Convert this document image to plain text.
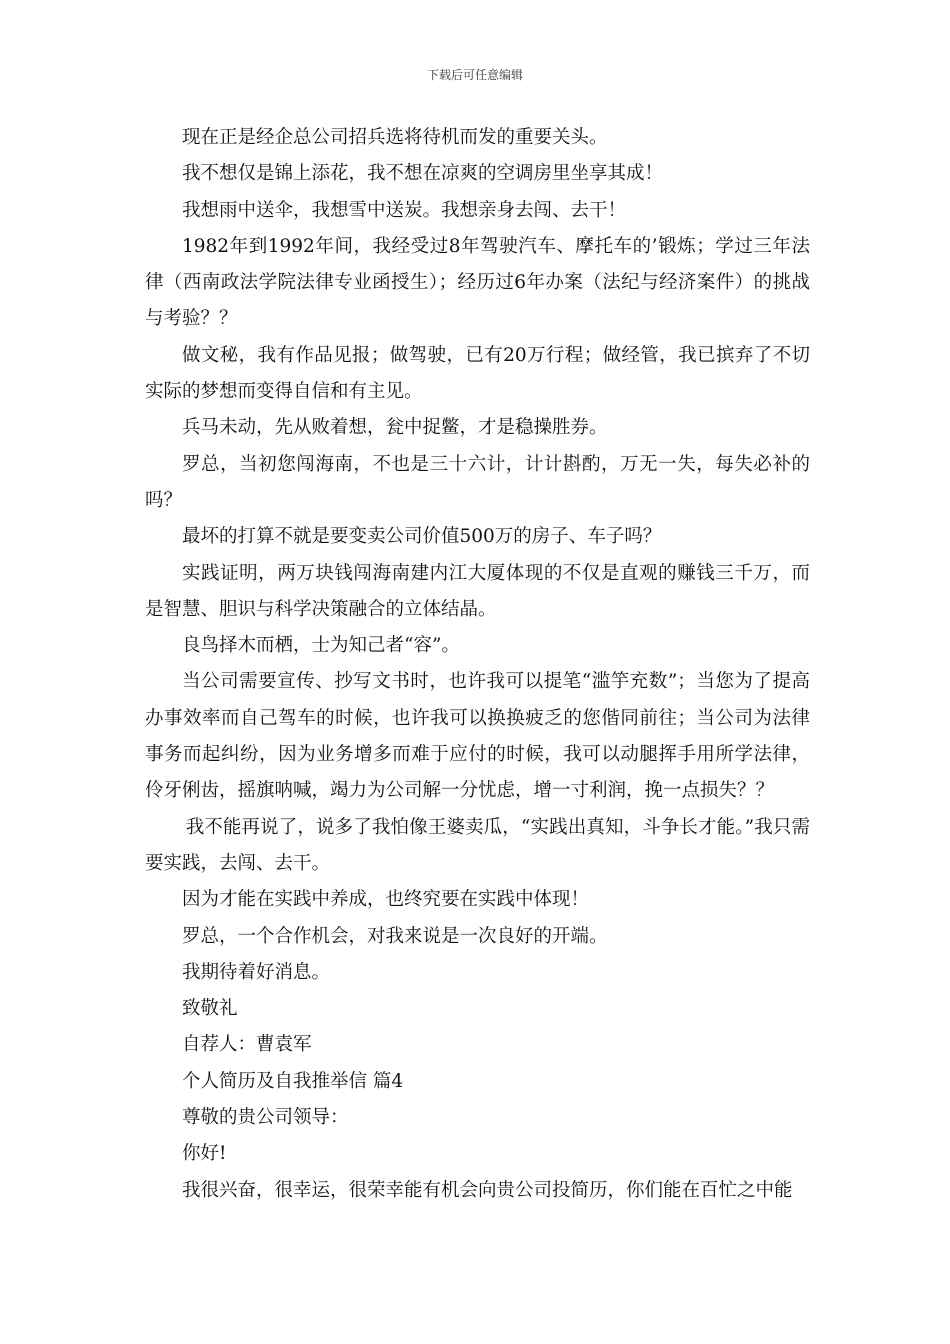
下载后可任意编辑

现在正是经企总公司招兵选将待机而发的重要关头。

我不想仅是锦上添花，我不想在凉爽的空调房里坐享其成！

我想雨中送伞，我想雪中送炭。我想亲身去闯、去干！

1982年到1992年间，我经受过8年驾驶汽车、摩托车的’锻炼；学过三年法律（西南政法学院法律专业函授生）；经历过6年办案（法纪与经济案件）的挑战与考验？？

做文秘，我有作品见报；做驾驶，已有20万行程；做经管，我已摈弃了不切实际的梦想而变得自信和有主见。

兵马未动，先从败着想，瓮中捉鳖，才是稳操胜券。

罗总，当初您闯海南，不也是三十六计，计计斟酌，万无一失，每失必补的吗？

最坏的打算不就是要变卖公司价值500万的房子、车子吗？

实践证明，两万块钱闯海南建内江大厦体现的不仅是直观的赚钱三千万，而是智慧、胆识与科学决策融合的立体结晶。

良鸟择木而栖，士为知己者“容”。

当公司需要宣传、抄写文书时，也许我可以提笔“滥竽充数”；当您为了提高办事效率而自己驾车的时候，也许我可以换换疲乏的您偕同前往；当公司为法律事务而起纠纷，因为业务增多而难于应付的时候，我可以动腿挥手用所学法律，伶牙俐齿，摇旗呐喊，竭力为公司解一分忧虑，增一寸利润，挽一点损失？？

我不能再说了，说多了我怕像王婆卖瓜，“实践出真知，斗争长才能。”我只需要实践，去闯、去干。

因为才能在实践中养成，也终究要在实践中体现！

罗总，一个合作机会，对我来说是一次良好的开端。

我期待着好消息。

致敬礼

自荐人：曹袁军

个人简历及自我推举信 篇4

尊敬的贵公司领导：

你好!

我很兴奋，很幸运，很荣幸能有机会向贵公司投简历，你们能在百忙之中能
